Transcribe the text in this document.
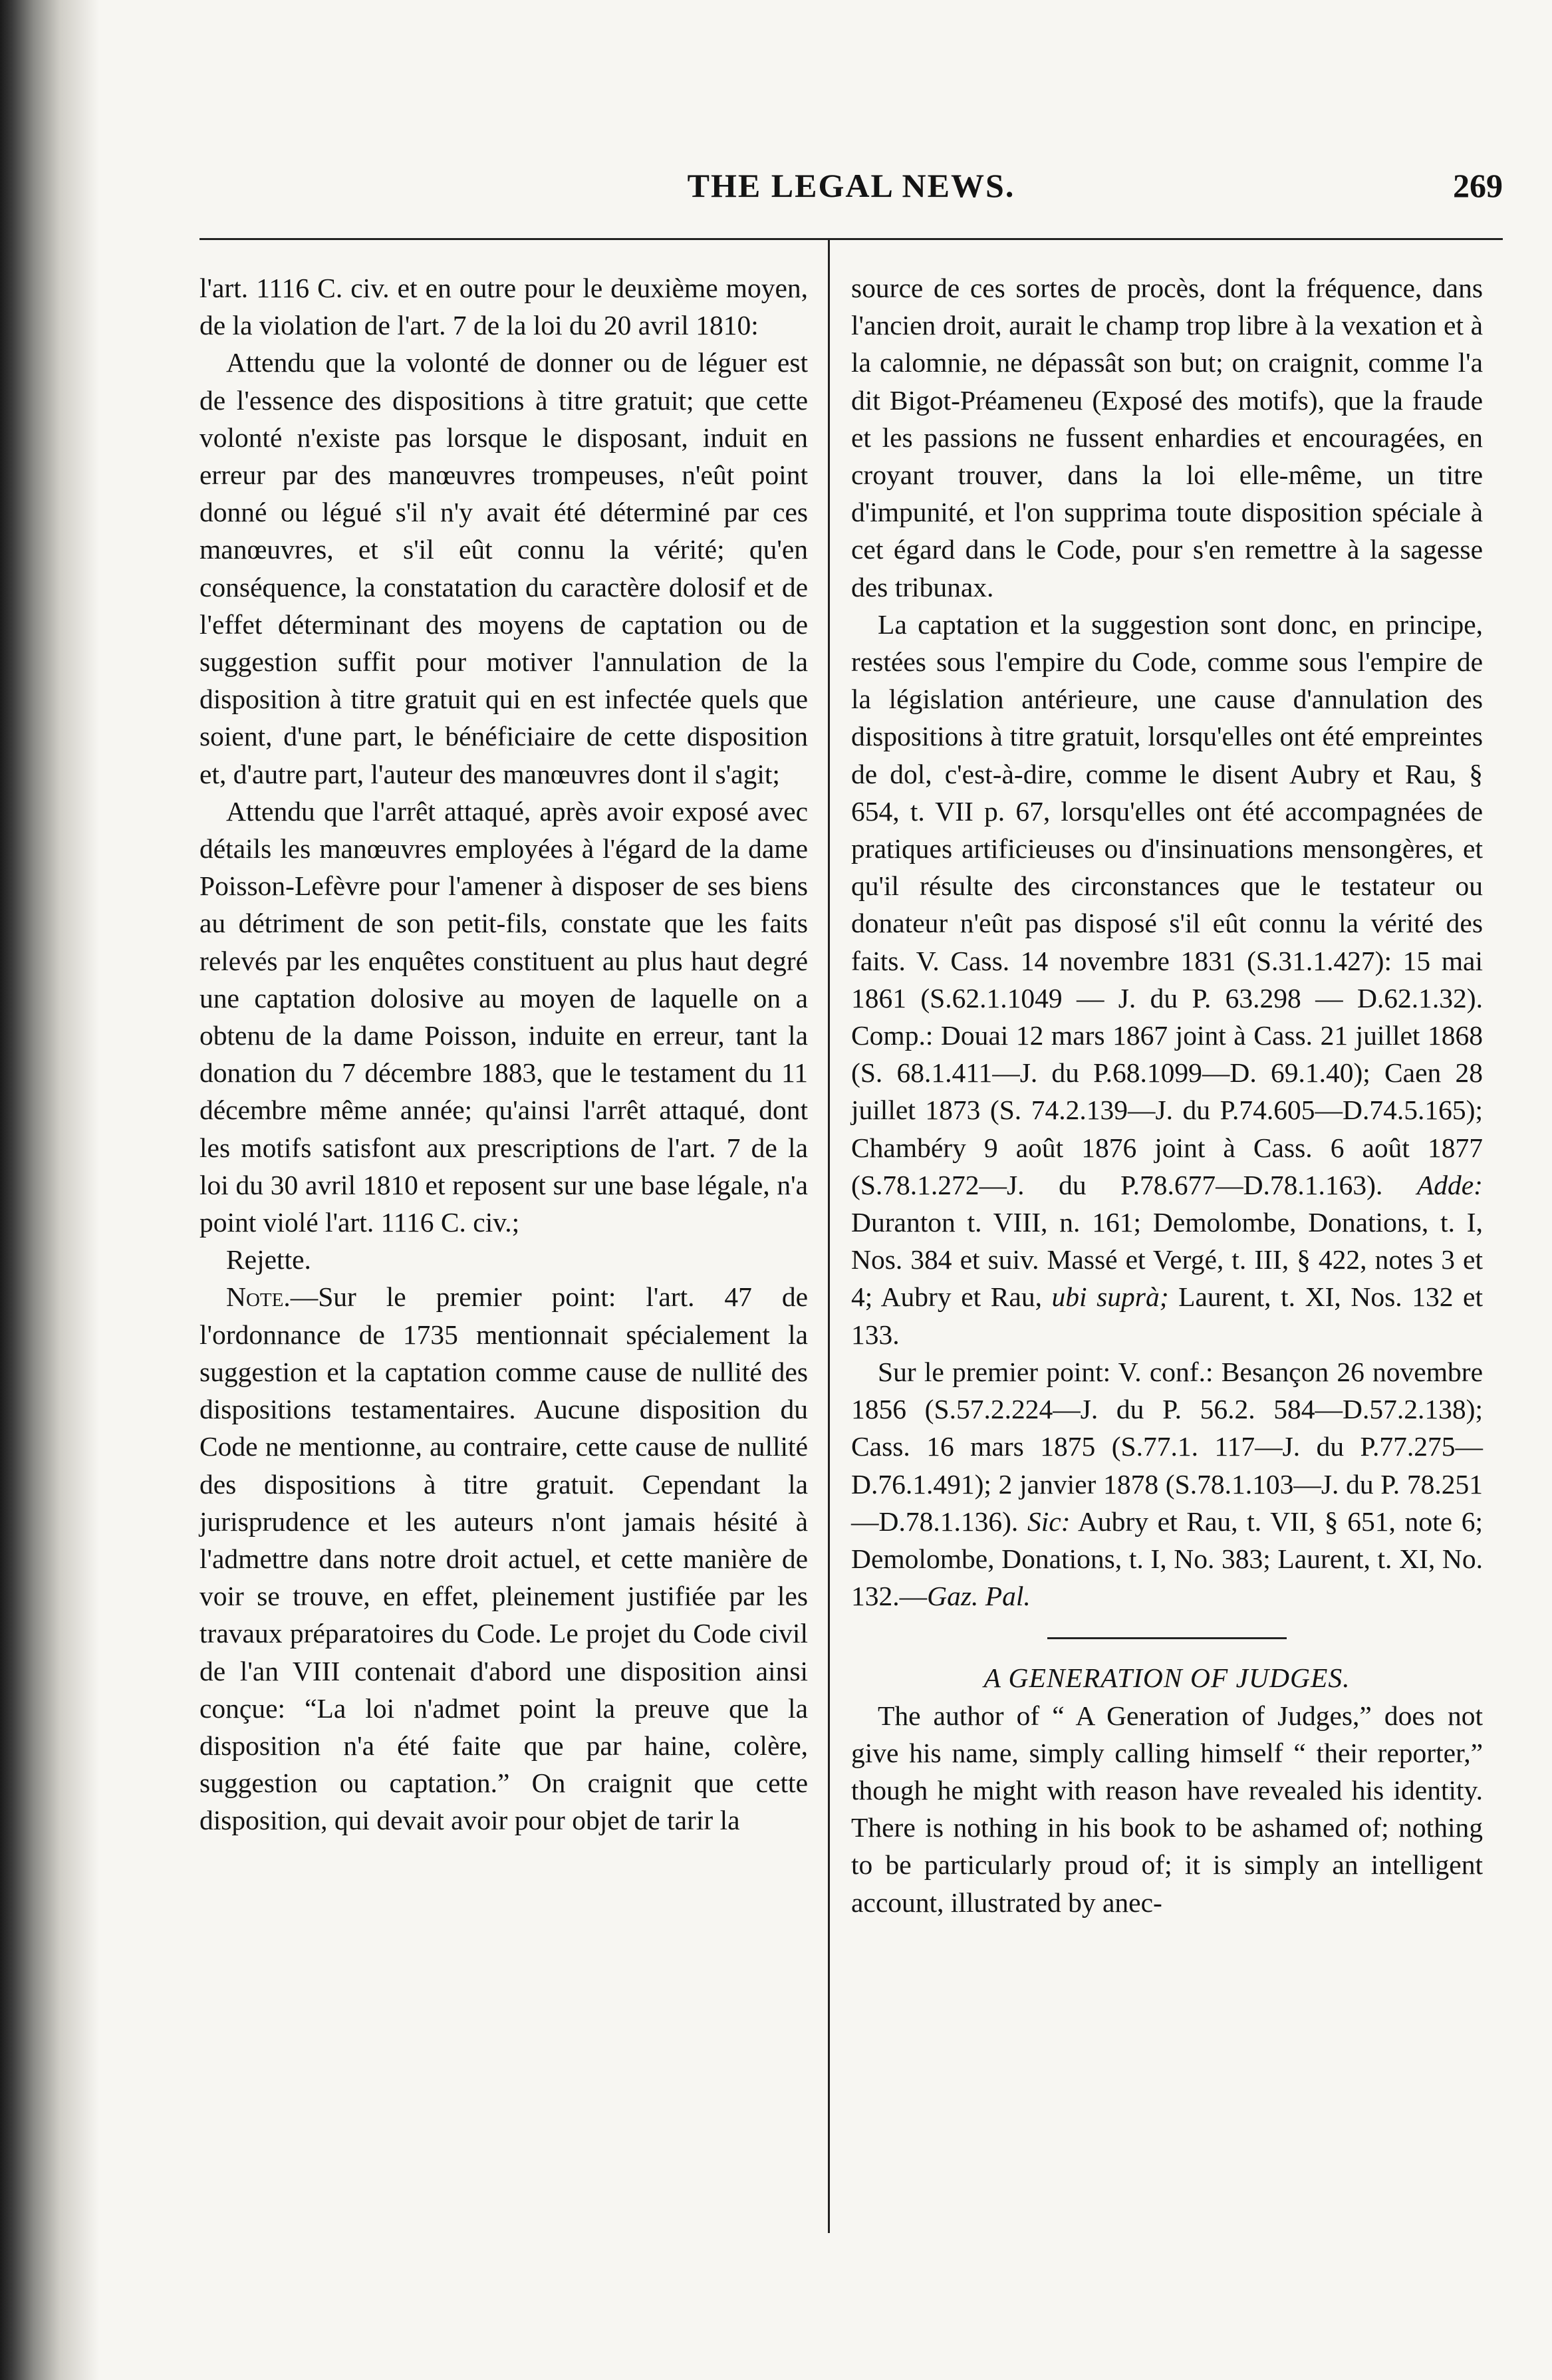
THE LEGAL NEWS.	269

l'art. 1116 C. civ. et en outre pour le deuxième moyen, de la violation de l'art. 7 de la loi du 20 avril 1810:

Attendu que la volonté de donner ou de léguer est de l'essence des dispositions à titre gratuit; que cette volonté n'existe pas lorsque le disposant, induit en erreur par des manœuvres trompeuses, n'eût point donné ou légué s'il n'y avait été déterminé par ces manœuvres, et s'il eût connu la vérité; qu'en conséquence, la constatation du caractère dolosif et de l'effet déterminant des moyens de captation ou de suggestion suffit pour motiver l'annulation de la disposition à titre gratuit qui en est infectée quels que soient, d'une part, le bénéficiaire de cette disposition et, d'autre part, l'auteur des manœuvres dont il s'agit;

Attendu que l'arrêt attaqué, après avoir exposé avec détails les manœuvres employées à l'égard de la dame Poisson-Lefèvre pour l'amener à disposer de ses biens au détriment de son petit-fils, constate que les faits relevés par les enquêtes constituent au plus haut degré une captation dolosive au moyen de laquelle on a obtenu de la dame Poisson, induite en erreur, tant la donation du 7 décembre 1883, que le testament du 11 décembre même année; qu'ainsi l'arrêt attaqué, dont les motifs satisfont aux prescriptions de l'art. 7 de la loi du 30 avril 1810 et reposent sur une base légale, n'a point violé l'art. 1116 C. civ.;

Rejette.

Note.—Sur le premier point: l'art. 47 de l'ordonnance de 1735 mentionnait spécialement la suggestion et la captation comme cause de nullité des dispositions testamentaires. Aucune disposition du Code ne mentionne, au contraire, cette cause de nullité des dispositions à titre gratuit. Cependant la jurisprudence et les auteurs n'ont jamais hésité à l'admettre dans notre droit actuel, et cette manière de voir se trouve, en effet, pleinement justifiée par les travaux préparatoires du Code. Le projet du Code civil de l'an VIII contenait d'abord une disposition ainsi conçue: “La loi n'admet point la preuve que la disposition n'a été faite que par haine, colère, suggestion ou captation.” On craignit que cette disposition, qui devait avoir pour objet de tarir la

source de ces sortes de procès, dont la fréquence, dans l'ancien droit, aurait le champ trop libre à la vexation et à la calomnie, ne dépassât son but; on craignit, comme l'a dit Bigot-Préameneu (Exposé des motifs), que la fraude et les passions ne fussent enhardies et encouragées, en croyant trouver, dans la loi elle-même, un titre d'impunité, et l'on supprima toute disposition spéciale à cet égard dans le Code, pour s'en remettre à la sagesse des tribunax.

La captation et la suggestion sont donc, en principe, restées sous l'empire du Code, comme sous l'empire de la législation antérieure, une cause d'annulation des dispositions à titre gratuit, lorsqu'elles ont été empreintes de dol, c'est-à-dire, comme le disent Aubry et Rau, § 654, t. VII p. 67, lorsqu'elles ont été accompagnées de pratiques artificieuses ou d'insinuations mensongères, et qu'il résulte des circonstances que le testateur ou donateur n'eût pas disposé s'il eût connu la vérité des faits. V. Cass. 14 novembre 1831 (S.31.1.427): 15 mai 1861 (S.62.1.1049 — J. du P. 63.298 — D.62.1.32). Comp.: Douai 12 mars 1867 joint à Cass. 21 juillet 1868 (S. 68.1.411—J. du P.68.1099—D. 69.1.40); Caen 28 juillet 1873 (S. 74.2.139—J. du P.74.605—D.74.5.165); Chambéry 9 août 1876 joint à Cass. 6 août 1877 (S.78.1.272—J. du P.78.677—D.78.1.163). Adde: Duranton t. VIII, n. 161; Demolombe, Donations, t. I, Nos. 384 et suiv. Massé et Vergé, t. III, § 422, notes 3 et 4; Aubry et Rau, ubi suprà; Laurent, t. XI, Nos. 132 et 133.

Sur le premier point: V. conf.: Besançon 26 novembre 1856 (S.57.2.224—J. du P. 56.2. 584—D.57.2.138); Cass. 16 mars 1875 (S.77.1. 117—J. du P.77.275—D.76.1.491); 2 janvier 1878 (S.78.1.103—J. du P. 78.251—D.78.1.136). Sic: Aubry et Rau, t. VII, § 651, note 6; Demolombe, Donations, t. I, No. 383; Laurent, t. XI, No. 132.—Gaz. Pal.

A GENERATION OF JUDGES.

The author of “ A Generation of Judges,” does not give his name, simply calling himself “ their reporter,” though he might with reason have revealed his identity. There is nothing in his book to be ashamed of; nothing to be particularly proud of; it is simply an intelligent account, illustrated by anec-
